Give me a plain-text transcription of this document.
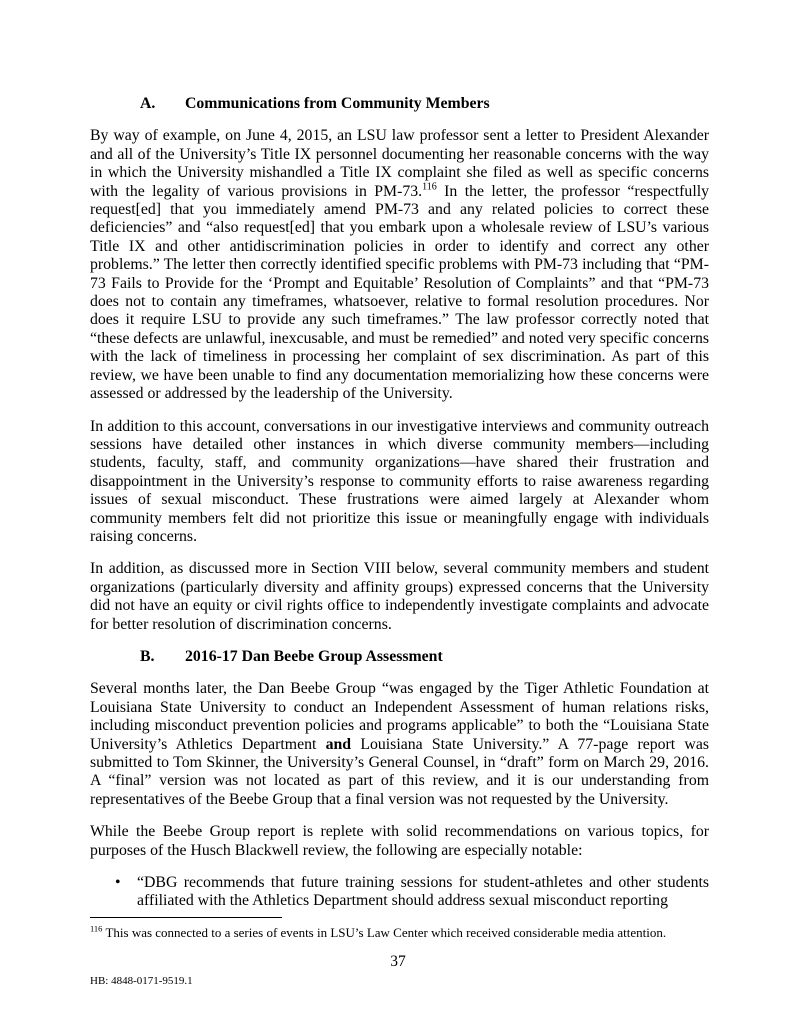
A. Communications from Community Members

By way of example, on June 4, 2015, an LSU law professor sent a letter to President Alexander and all of the University’s Title IX personnel documenting her reasonable concerns with the way in which the University mishandled a Title IX complaint she filed as well as specific concerns with the legality of various provisions in PM-73.$^{116}$ In the letter, the professor “respectfully request[ed] that you immediately amend PM-73 and any related policies to correct these deficiencies” and “also request[ed] that you embark upon a wholesale review of LSU’s various Title IX and other antidiscrimination policies in order to identify and correct any other problems.” The letter then correctly identified specific problems with PM-73 including that “PM-73 Fails to Provide for the ‘Prompt and Equitable’ Resolution of Complaints” and that “PM-73 does not to contain any timeframes, whatsoever, relative to formal resolution procedures. Nor does it require LSU to provide any such timeframes.” The law professor correctly noted that “these defects are unlawful, inexcusable, and must be remedied” and noted very specific concerns with the lack of timeliness in processing her complaint of sex discrimination. As part of this review, we have been unable to find any documentation memorializing how these concerns were assessed or addressed by the leadership of the University.

In addition to this account, conversations in our investigative interviews and community outreach sessions have detailed other instances in which diverse community members—including students, faculty, staff, and community organizations—have shared their frustration and disappointment in the University’s response to community efforts to raise awareness regarding issues of sexual misconduct. These frustrations were aimed largely at Alexander whom community members felt did not prioritize this issue or meaningfully engage with individuals raising concerns.

In addition, as discussed more in Section VIII below, several community members and student organizations (particularly diversity and affinity groups) expressed concerns that the University did not have an equity or civil rights office to independently investigate complaints and advocate for better resolution of discrimination concerns.

B. 2016-17 Dan Beebe Group Assessment

Several months later, the Dan Beebe Group “was engaged by the Tiger Athletic Foundation at Louisiana State University to conduct an Independent Assessment of human relations risks, including misconduct prevention policies and programs applicable” to both the “Louisiana State University’s Athletics Department and Louisiana State University.” A 77-page report was submitted to Tom Skinner, the University’s General Counsel, in “draft” form on March 29, 2016. A “final” version was not located as part of this review, and it is our understanding from representatives of the Beebe Group that a final version was not requested by the University.

While the Beebe Group report is replete with solid recommendations on various topics, for purposes of the Husch Blackwell review, the following are especially notable:

•	“DBG recommends that future training sessions for student-athletes and other students affiliated with the Athletics Department should address sexual misconduct reporting
$^{116}$ This was connected to a series of events in LSU’s Law Center which received considerable media attention.
37
HB: 4848-0171-9519.1
